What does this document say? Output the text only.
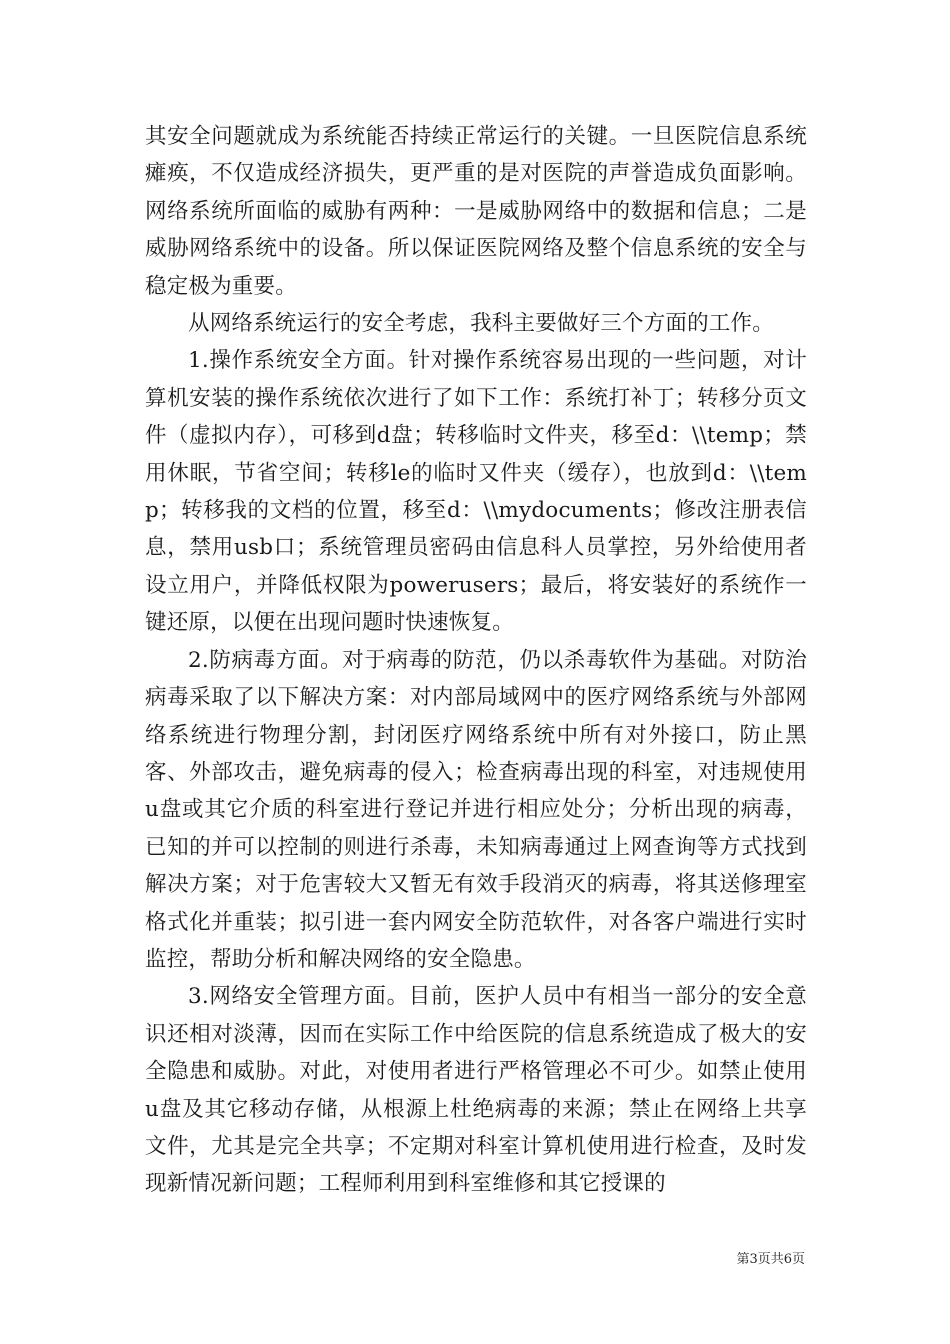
其安全问题就成为系统能否持续正常运行的关键。一旦医院信息系统瘫痪，不仅造成经济损失，更严重的是对医院的声誉造成负面影响。网络系统所面临的威胁有两种：一是威胁网络中的数据和信息；二是威胁网络系统中的设备。所以保证医院网络及整个信息系统的安全与稳定极为重要。

从网络系统运行的安全考虑，我科主要做好三个方面的工作。

1.操作系统安全方面。针对操作系统容易出现的一些问题，对计算机安装的操作系统依次进行了如下工作：系统打补丁；转移分页文件（虚拟内存），可移到d盘；转移临时文件夹，移至d：\\temp；禁用休眠，节省空间；转移le的临时又件夹（缓存），也放到d：\\temp；转移我的文档的位置，移至d：\\mydocuments；修改注册表信息，禁用usb口；系统管理员密码由信息科人员掌控，另外给使用者设立用户，并降低权限为powerusers；最后，将安装好的系统作一键还原，以便在出现问题时快速恢复。

2.防病毒方面。对于病毒的防范，仍以杀毒软件为基础。对防治病毒采取了以下解决方案：对内部局域网中的医疗网络系统与外部网络系统进行物理分割，封闭医疗网络系统中所有对外接口，防止黑客、外部攻击，避免病毒的侵入；检查病毒出现的科室，对违规使用u盘或其它介质的科室进行登记并进行相应处分；分析出现的病毒，已知的并可以控制的则进行杀毒，未知病毒通过上网查询等方式找到解决方案；对于危害较大又暂无有效手段消灭的病毒，将其送修理室格式化并重装；拟引进一套内网安全防范软件，对各客户端进行实时监控，帮助分析和解决网络的安全隐患。

3.网络安全管理方面。目前，医护人员中有相当一部分的安全意识还相对淡薄，因而在实际工作中给医院的信息系统造成了极大的安全隐患和威胁。对此，对使用者进行严格管理必不可少。如禁止使用u盘及其它移动存储，从根源上杜绝病毒的来源；禁止在网络上共享文件，尤其是完全共享；不定期对科室计算机使用进行检查，及时发现新情况新问题；工程师利用到科室维修和其它授课的

第3页共6页
